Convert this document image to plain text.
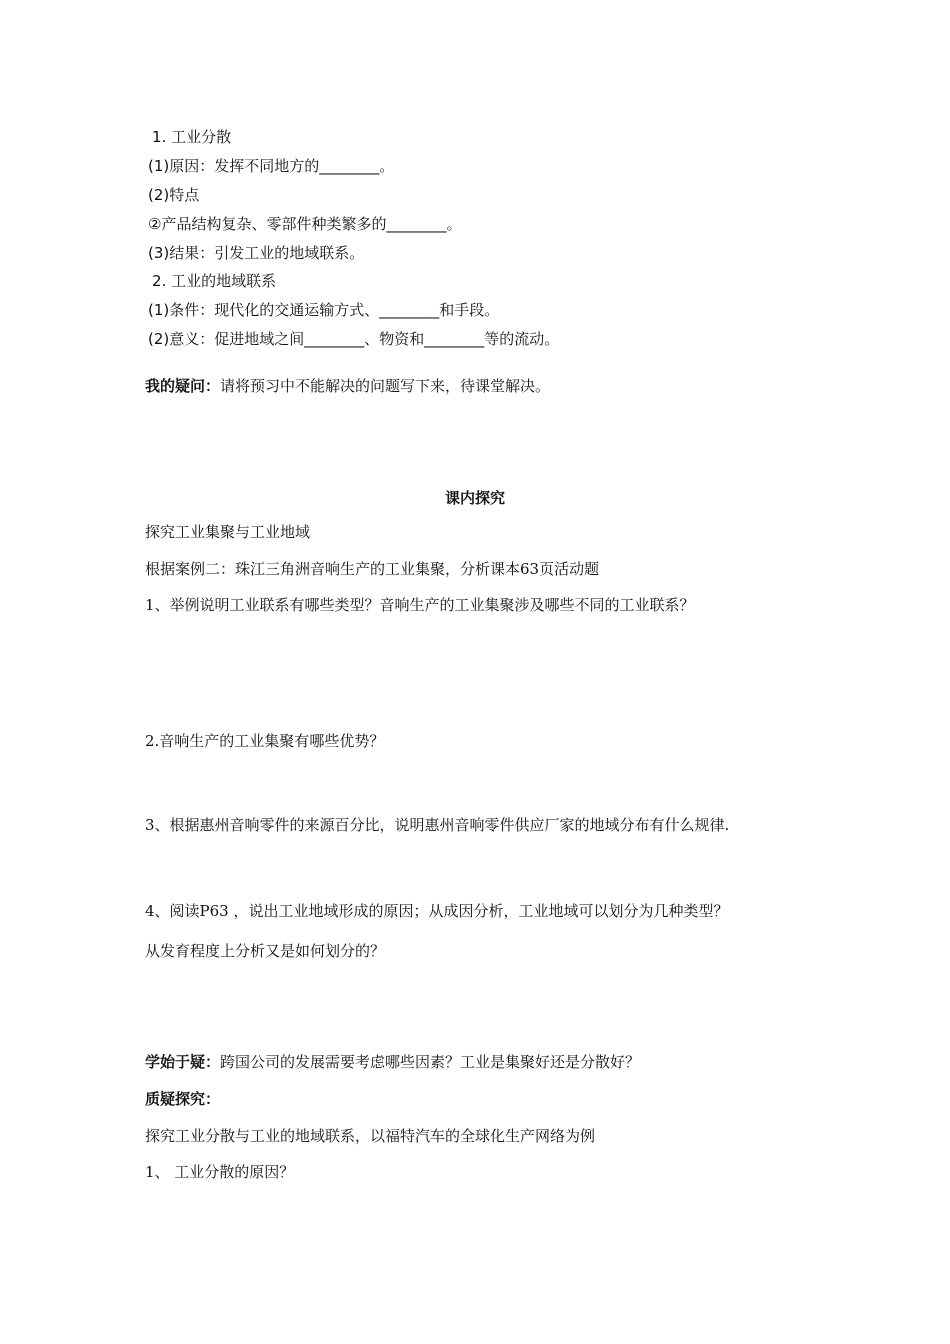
1. 工业分散
(1)原因：发挥不同地方的________。
(2)特点
②产品结构复杂、零部件种类繁多的________。
(3)结果：引发工业的地域联系。
2. 工业的地域联系
(1)条件：现代化的交通运输方式、________和手段。
(2)意义：促进地域之间________、物资和________等的流动。
我的疑问：请将预习中不能解决的问题写下来，待课堂解决。
课内探究
探究工业集聚与工业地域
根据案例二：珠江三角洲音响生产的工业集聚，分析课本63页活动题
1、举例说明工业联系有哪些类型？音响生产的工业集聚涉及哪些不同的工业联系？
2.音响生产的工业集聚有哪些优势？
3、根据惠州音响零件的来源百分比，说明惠州音响零件供应厂家的地域分布有什么规律.
4、阅读P63 ，说出工业地域形成的原因；从成因分析，工业地域可以划分为几种类型？
从发育程度上分析又是如何划分的？
学始于疑：跨国公司的发展需要考虑哪些因素？工业是集聚好还是分散好？
质疑探究：
探究工业分散与工业的地域联系，以福特汽车的全球化生产网络为例
1、 工业分散的原因？
